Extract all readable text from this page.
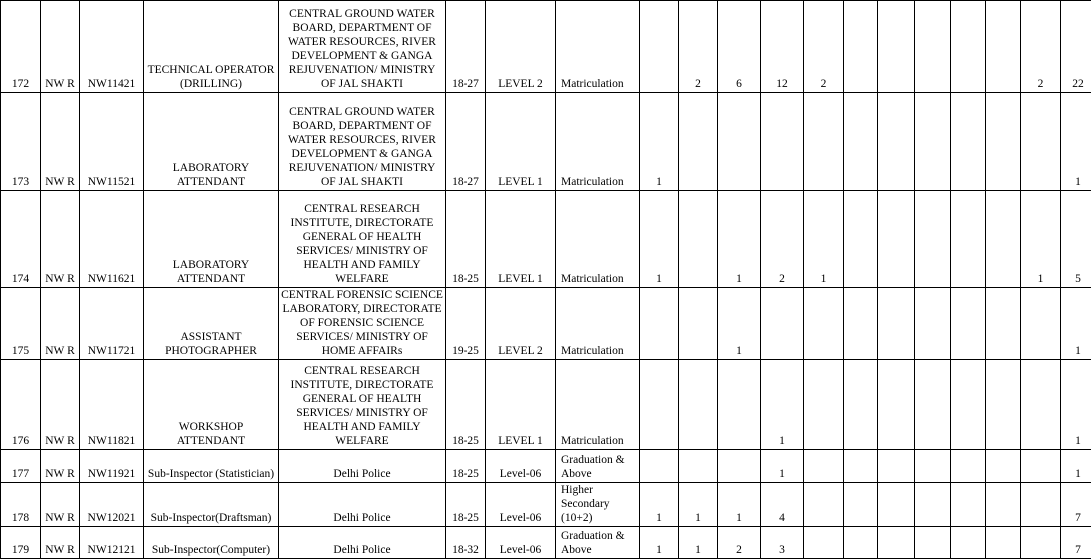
172	NW R	NW11421	TECHNICAL OPERATOR (DRILLING)	CENTRAL GROUND WATER BOARD, DEPARTMENT OF WATER RESOURCES, RIVER DEVELOPMENT & GANGA REJUVENATION/ MINISTRY OF JAL SHAKTI	18-27	LEVEL 2	Matriculation		2	6	12	2						2	22
173	NW R	NW11521	LABORATORY ATTENDANT	CENTRAL GROUND WATER BOARD, DEPARTMENT OF WATER RESOURCES, RIVER DEVELOPMENT & GANGA REJUVENATION/ MINISTRY OF JAL SHAKTI	18-27	LEVEL 1	Matriculation	1											1
174	NW R	NW11621	LABORATORY ATTENDANT	CENTRAL RESEARCH INSTITUTE, DIRECTORATE GENERAL OF HEALTH SERVICES/ MINISTRY OF HEALTH AND FAMILY WELFARE	18-25	LEVEL 1	Matriculation	1		1	2	1						1	5
175	NW R	NW11721	ASSISTANT PHOTOGRAPHER	CENTRAL FORENSIC SCIENCE LABORATORY, DIRECTORATE OF FORENSIC SCIENCE SERVICES/ MINISTRY OF HOME AFFAIRs	19-25	LEVEL 2	Matriculation			1									1
176	NW R	NW11821	WORKSHOP ATTENDANT	CENTRAL RESEARCH INSTITUTE, DIRECTORATE GENERAL OF HEALTH SERVICES/ MINISTRY OF HEALTH AND FAMILY WELFARE	18-25	LEVEL 1	Matriculation				1								1
177	NW R	NW11921	Sub-Inspector (Statistician)	Delhi Police	18-25	Level-06	Graduation & Above				1								1
178	NW R	NW12021	Sub-Inspector(Draftsman)	Delhi Police	18-25	Level-06	Higher Secondary (10+2)	1	1	1	4								7
179	NW R	NW12121	Sub-Inspector(Computer)	Delhi Police	18-32	Level-06	Graduation & Above	1	1	2	3								7
